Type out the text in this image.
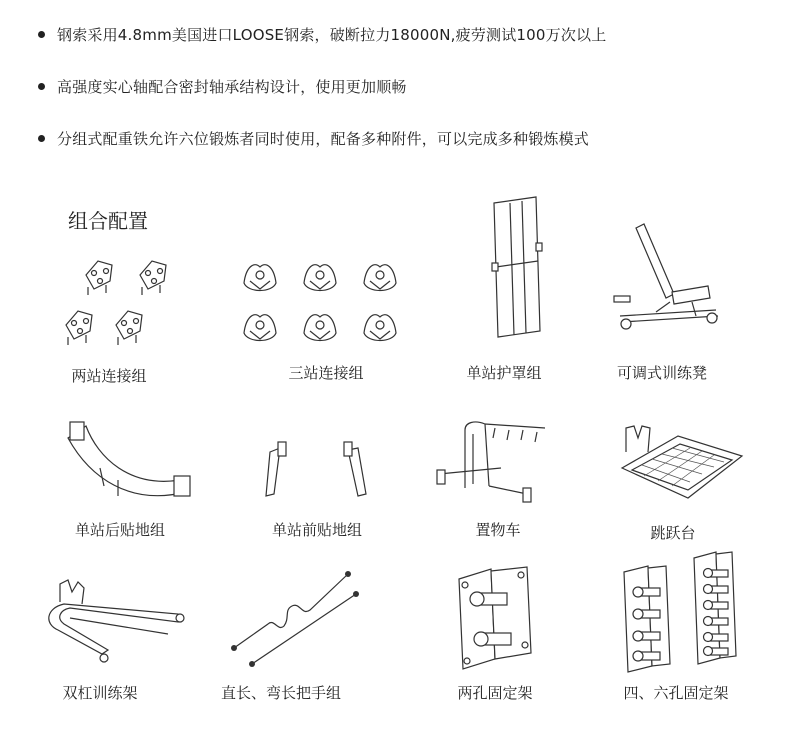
钢索采用4.8mm美国进口LOOSE钢索，破断拉力18000N,疲劳测试100万次以上
高强度实心轴配合密封轴承结构设计，使用更加顺畅
分组式配重铁允许六位锻炼者同时使用，配备多种附件，可以完成多种锻炼模式
组合配置
两站连接组	三站连接组	单站护罩组	可调式训练凳
单站后贴地组	单站前贴地组	置物车	跳跃台
双杠训练架	直长、弯长把手组	两孔固定架	四、六孔固定架
